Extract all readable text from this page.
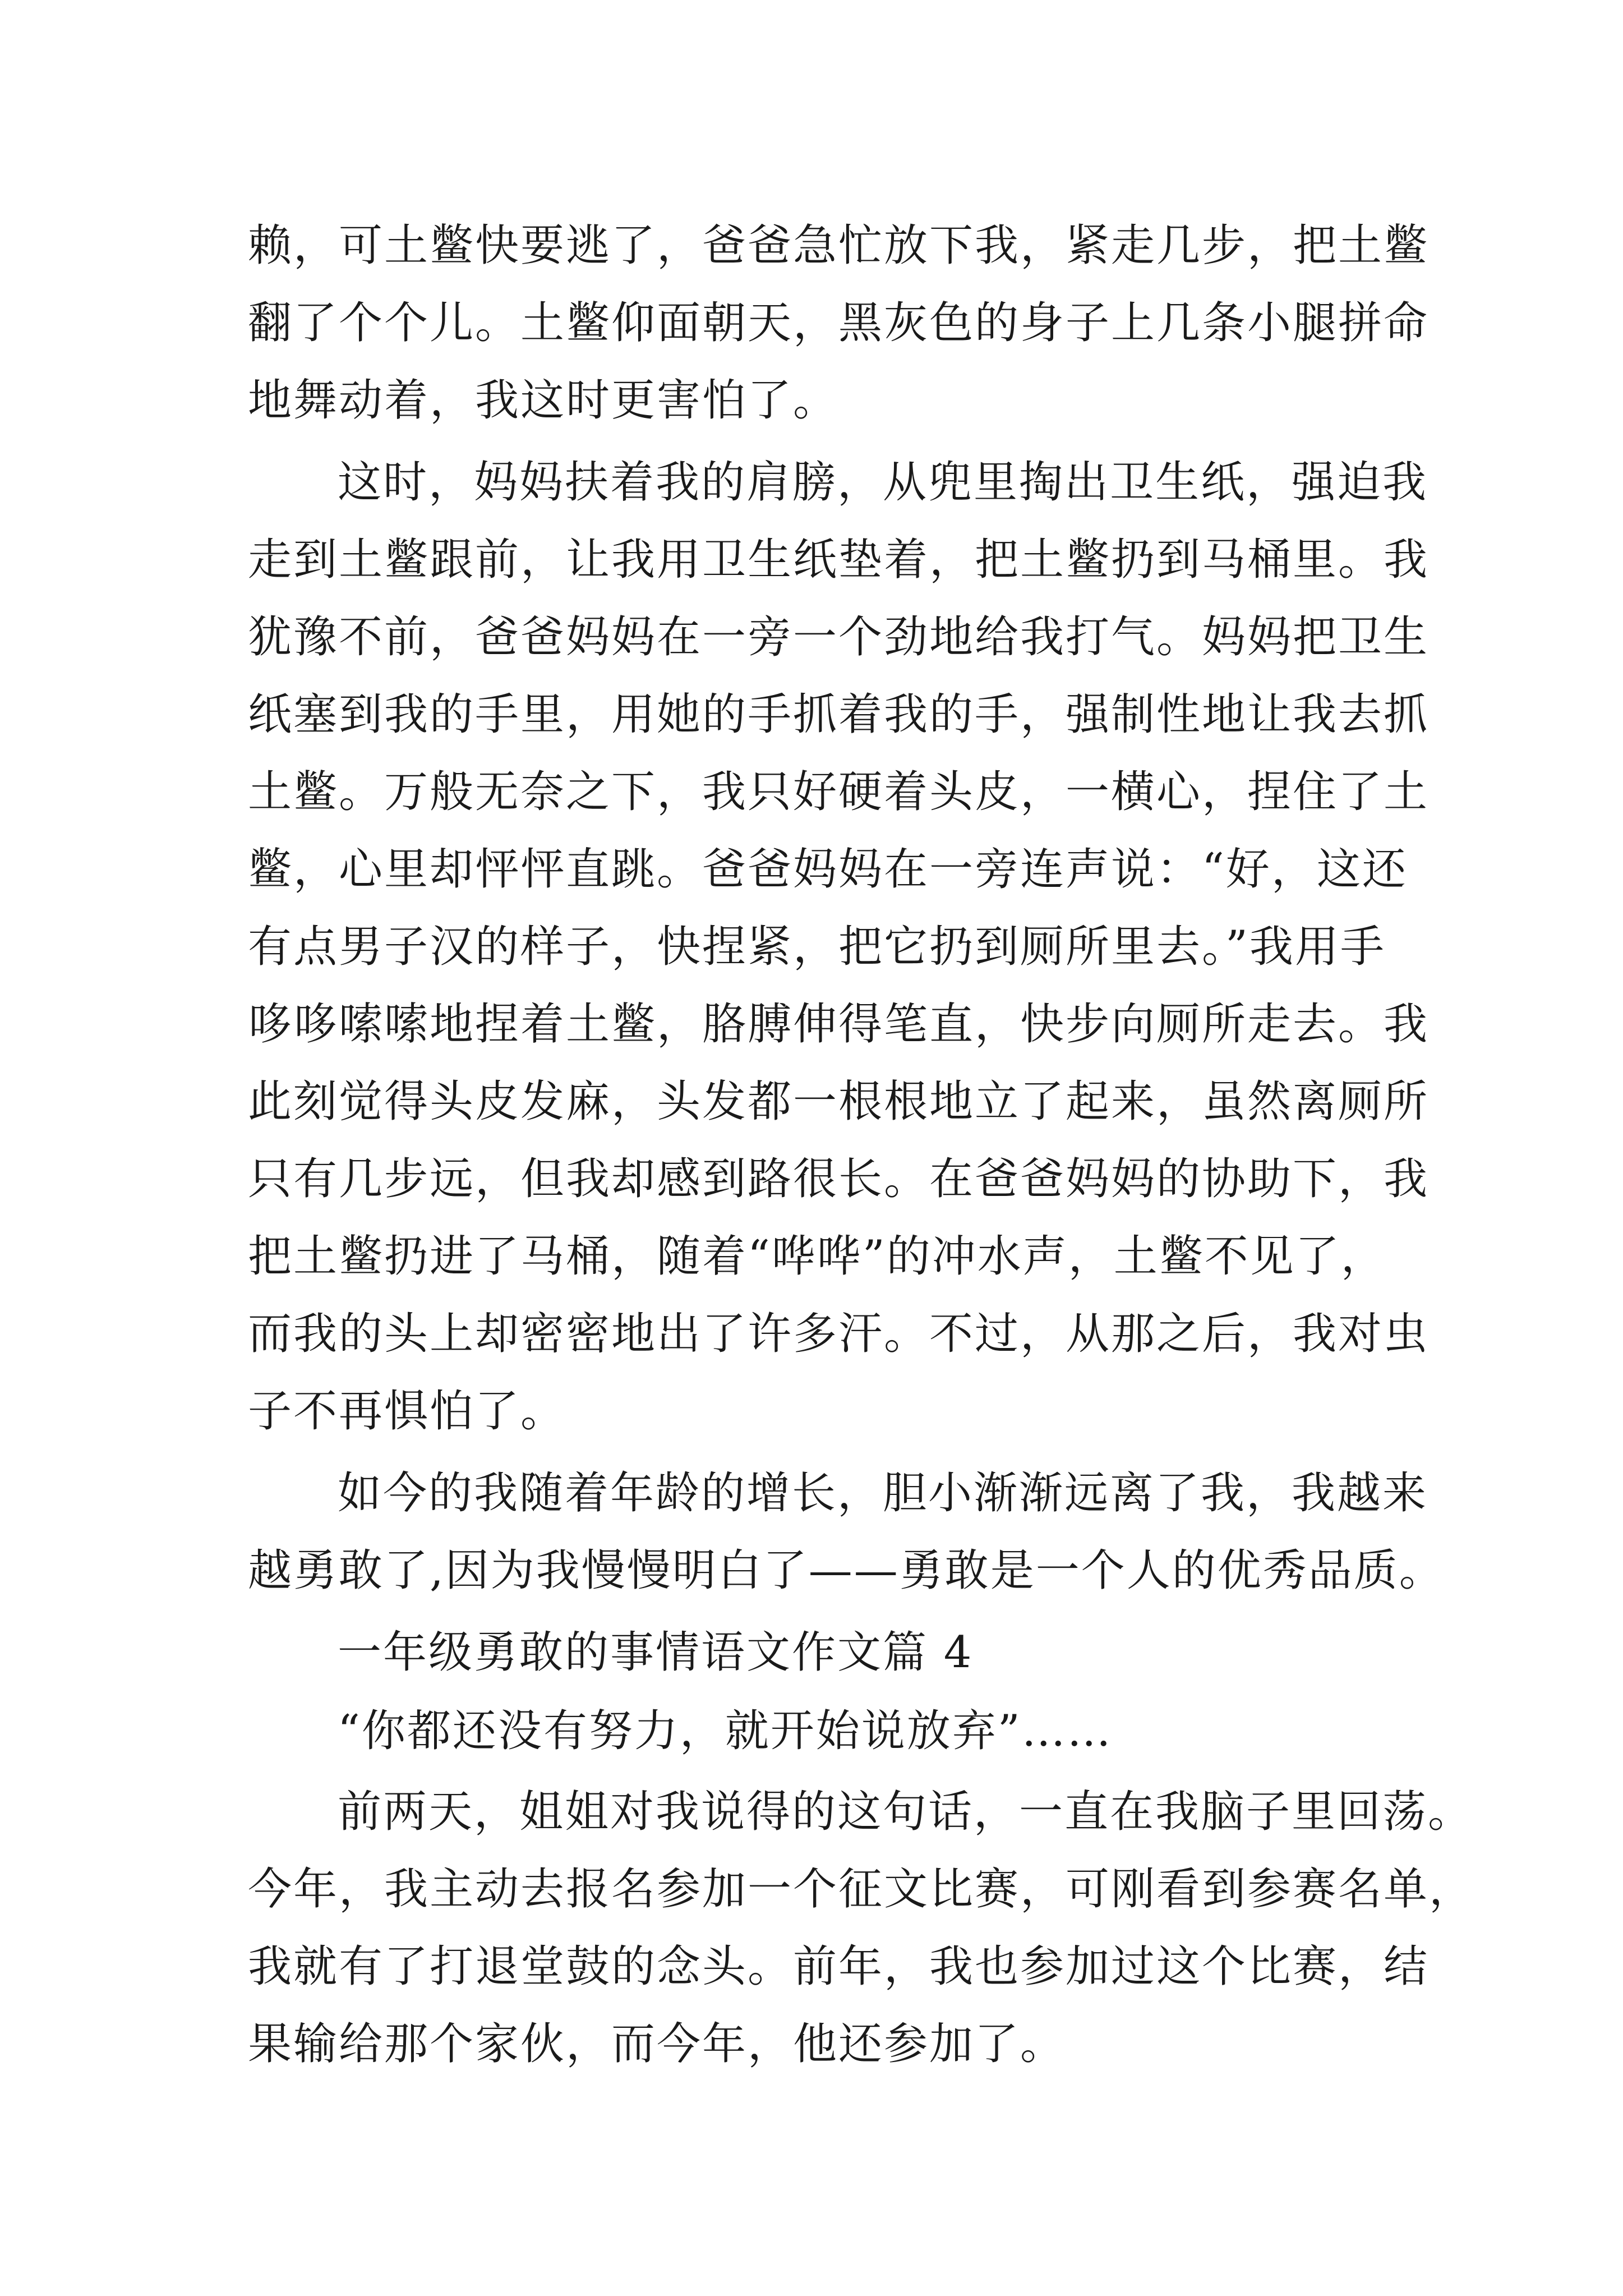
赖，可土鳖快要逃了，爸爸急忙放下我，紧走几步，把土鳖
翻了个个儿。土鳖仰面朝天，黑灰色的身子上几条小腿拼命
地舞动着，我这时更害怕了。
这时，妈妈扶着我的肩膀，从兜里掏出卫生纸，强迫我
走到土鳖跟前，让我用卫生纸垫着，把土鳖扔到马桶里。我
犹豫不前，爸爸妈妈在一旁一个劲地给我打气。妈妈把卫生
纸塞到我的手里，用她的手抓着我的手，强制性地让我去抓
土鳖。万般无奈之下，我只好硬着头皮，一横心，捏住了土
鳖，心里却怦怦直跳。爸爸妈妈在一旁连声说：“好，这还
有点男子汉的样子，快捏紧，把它扔到厕所里去。”我用手
哆哆嗦嗦地捏着土鳖，胳膊伸得笔直，快步向厕所走去。我
此刻觉得头皮发麻，头发都一根根地立了起来，虽然离厕所
只有几步远，但我却感到路很长。在爸爸妈妈的协助下，我
把土鳖扔进了马桶，随着“哗哗”的冲水声，土鳖不见了，
而我的头上却密密地出了许多汗。不过，从那之后，我对虫
子不再惧怕了。
如今的我随着年龄的增长，胆小渐渐远离了我，我越来
越勇敢了,因为我慢慢明白了——勇敢是一个人的优秀品质。
一年级勇敢的事情语文作文篇 4
“你都还没有努力，就开始说放弃”……
前两天，姐姐对我说得的这句话，一直在我脑子里回荡。
今年，我主动去报名参加一个征文比赛，可刚看到参赛名单，
我就有了打退堂鼓的念头。前年，我也参加过这个比赛，结
果输给那个家伙，而今年，他还参加了。
